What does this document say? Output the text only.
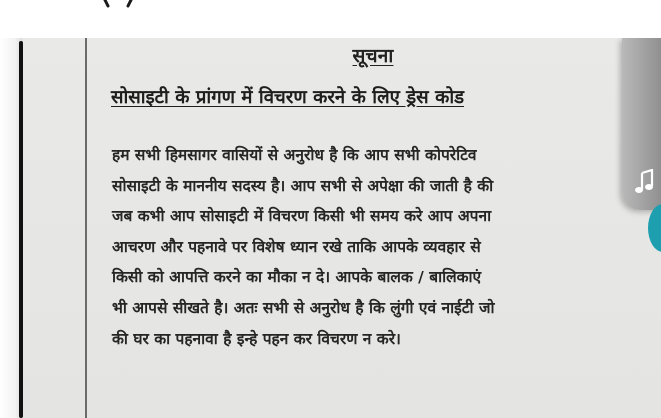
सूचना
सोसाइटी के प्रांगण में विचरण करने के लिए ड्रेस कोड
हम सभी हिमसागर वासियों से अनुरोध है कि आप सभी कोपरेटिव
सोसाइटी के माननीय सदस्य है। आप सभी से अपेक्षा की जाती है की
जब कभी आप सोसाइटी में विचरण किसी भी समय करे आप अपना
आचरण और पहनावे पर विशेष ध्यान रखे ताकि आपके व्यवहार से
किसी को आपत्ति करने का मौका न दे। आपके बालक / बालिकाएं
भी आपसे सीखते है। अतः सभी से अनुरोध है कि लुंगी एवं नाईटी जो
की घर का पहनावा है इन्हे पहन कर विचरण न करे।
